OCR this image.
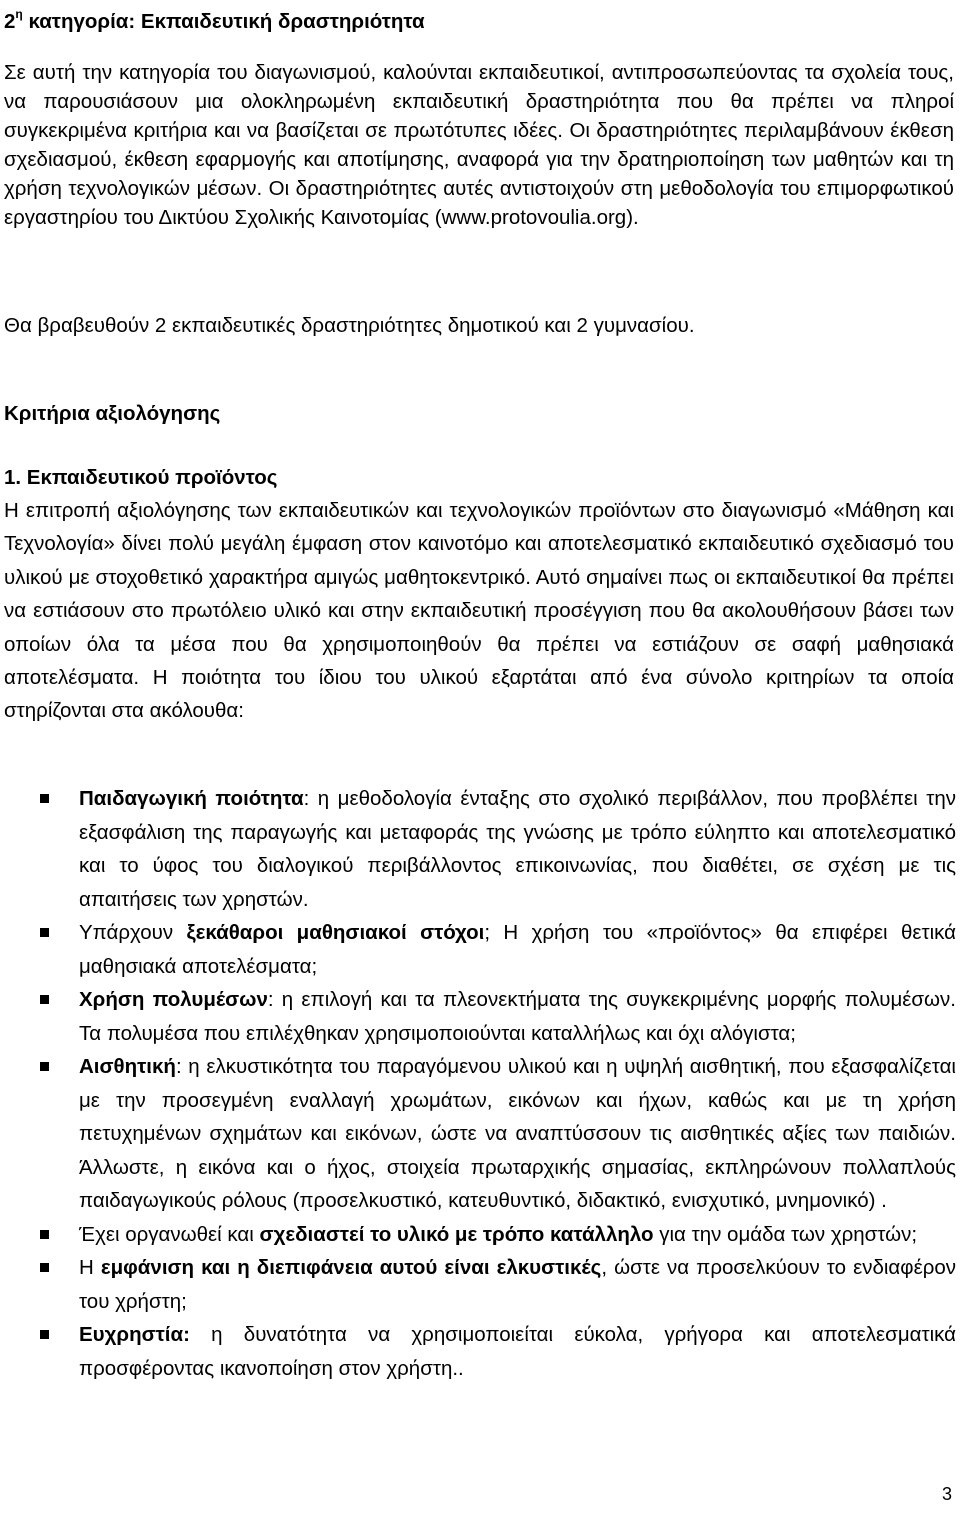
$2^\eta$ κατηγορία: Εκπαιδευτική δραστηριότητα

Σε αυτή την κατηγορία του διαγωνισμού, καλούνται εκπαιδευτικοί, αντιπροσωπεύοντας τα σχολεία τους, να παρουσιάσουν μια ολοκληρωμένη εκπαιδευτική δραστηριότητα που θα πρέπει να πληροί συγκεκριμένα κριτήρια και να βασίζεται σε πρωτότυπες ιδέες. Οι δραστηριότητες περιλαμβάνουν έκθεση σχεδιασμού, έκθεση εφαρμογής και αποτίμησης, αναφορά για την δρατηριοποίηση των μαθητών και τη χρήση τεχνολογικών μέσων. Οι δραστηριότητες αυτές αντιστοιχούν στη μεθοδολογία του επιμορφωτικού εργαστηρίου του Δικτύου Σχολικής Καινοτομίας (www.protovoulia.org).

Θα βραβευθούν 2 εκπαιδευτικές δραστηριότητες δημοτικού και 2 γυμνασίου.

Κριτήρια αξιολόγησης
1. Εκπαιδευτικού προϊόντος

Η επιτροπή αξιολόγησης των εκπαιδευτικών και τεχνολογικών προϊόντων στο διαγωνισμό «Μάθηση και Τεχνολογία» δίνει πολύ μεγάλη έμφαση στον καινοτόμο και αποτελεσματικό εκπαιδευτικό σχεδιασμό του υλικού με στοχοθετικό χαρακτήρα αμιγώς μαθητοκεντρικό. Αυτό σημαίνει πως οι εκπαιδευτικοί θα πρέπει να εστιάσουν στο πρωτόλειο υλικό και στην εκπαιδευτική προσέγγιση που θα ακολουθήσουν βάσει των οποίων όλα τα μέσα που θα χρησιμοποιηθούν θα πρέπει να εστιάζουν σε σαφή μαθησιακά αποτελέσματα. Η ποιότητα του ίδιου του υλικού εξαρτάται από ένα σύνολο κριτηρίων τα οποία στηρίζονται στα ακόλουθα:

Παιδαγωγική ποιότητα: η μεθοδολογία ένταξης στο σχολικό περιβάλλον, που προβλέπει την εξασφάλιση της παραγωγής και μεταφοράς της γνώσης με τρόπο εύληπτο και αποτελεσματικό και το ύφος του διαλογικού περιβάλλοντος επικοινωνίας, που διαθέτει, σε σχέση με τις απαιτήσεις των χρηστών.
Υπάρχουν ξεκάθαροι μαθησιακοί στόχοι; Η χρήση του «προϊόντος» θα επιφέρει θετικά μαθησιακά αποτελέσματα;
Χρήση πολυμέσων: η επιλογή και τα πλεονεκτήματα της συγκεκριμένης μορφής πολυμέσων. Τα πολυμέσα που επιλέχθηκαν χρησιμοποιούνται καταλλήλως και όχι αλόγιστα;
Αισθητική: η ελκυστικότητα του παραγόμενου υλικού και η υψηλή αισθητική, που εξασφαλίζεται με την προσεγμένη εναλλαγή χρωμάτων, εικόνων και ήχων, καθώς και με τη χρήση πετυχημένων σχημάτων και εικόνων, ώστε να αναπτύσσουν τις αισθητικές αξίες των παιδιών. Άλλωστε, η εικόνα και ο ήχος, στοιχεία πρωταρχικής σημασίας, εκπληρώνουν πολλαπλούς παιδαγωγικούς ρόλους (προσελκυστικό, κατευθυντικό, διδακτικό, ενισχυτικό, μνημονικό) .
Έχει οργανωθεί και σχεδιαστεί το υλικό με τρόπο κατάλληλο για την ομάδα των χρηστών;
Η εμφάνιση και η διεπιφάνεια αυτού είναι ελκυστικές, ώστε να προσελκύουν το ενδιαφέρον του χρήστη;
Ευχρηστία: η δυνατότητα να χρησιμοποιείται εύκολα, γρήγορα και αποτελεσματικά προσφέροντας ικανοποίηση στον χρήστη..
3
